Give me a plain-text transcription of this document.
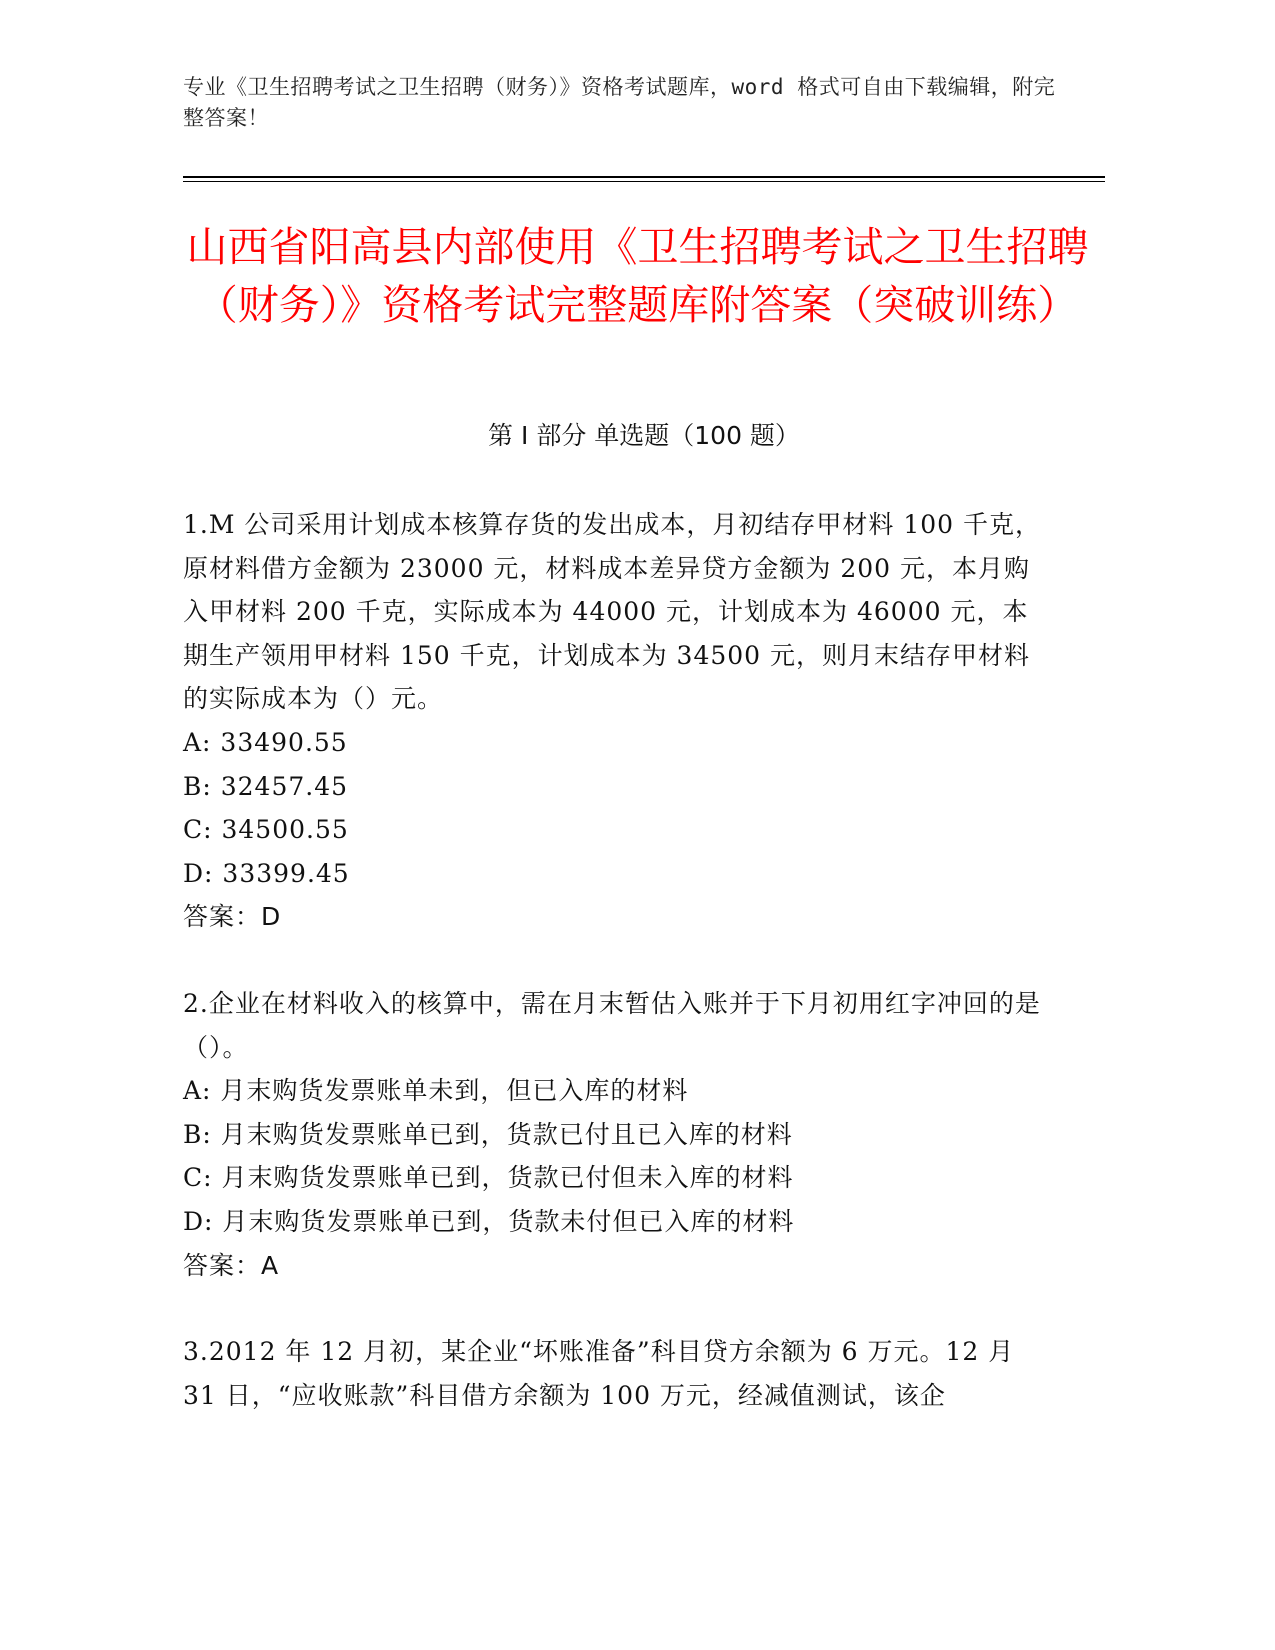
专业《卫生招聘考试之卫生招聘（财务）》资格考试题库，word 格式可自由下载编辑，附完整答案！
山西省阳高县内部使用《卫生招聘考试之卫生招聘（财务）》资格考试完整题库附答案（突破训练）
第 I 部分 单选题（100 题）

1.M 公司采用计划成本核算存货的发出成本，月初结存甲材料 100 千克，原材料借方金额为 23000 元，材料成本差异贷方金额为 200 元，本月购入甲材料 200 千克，实际成本为 44000 元，计划成本为 46000 元，本期生产领用甲材料 150 千克，计划成本为 34500 元，则月末结存甲材料的实际成本为（）元。

A: 33490.55

B: 32457.45

C: 34500.55

D: 33399.45

答案：D

2.企业在材料收入的核算中，需在月末暂估入账并于下月初用红字冲回的是（）。

A: 月末购货发票账单未到，但已入库的材料

B: 月末购货发票账单已到，货款已付且已入库的材料

C: 月末购货发票账单已到，货款已付但未入库的材料

D: 月末购货发票账单已到，货款未付但已入库的材料

答案：A

3.2012 年 12 月初，某企业“坏账准备”科目贷方余额为 6 万元。12 月 31 日，“应收账款”科目借方余额为 100 万元，经减值测试，该企
